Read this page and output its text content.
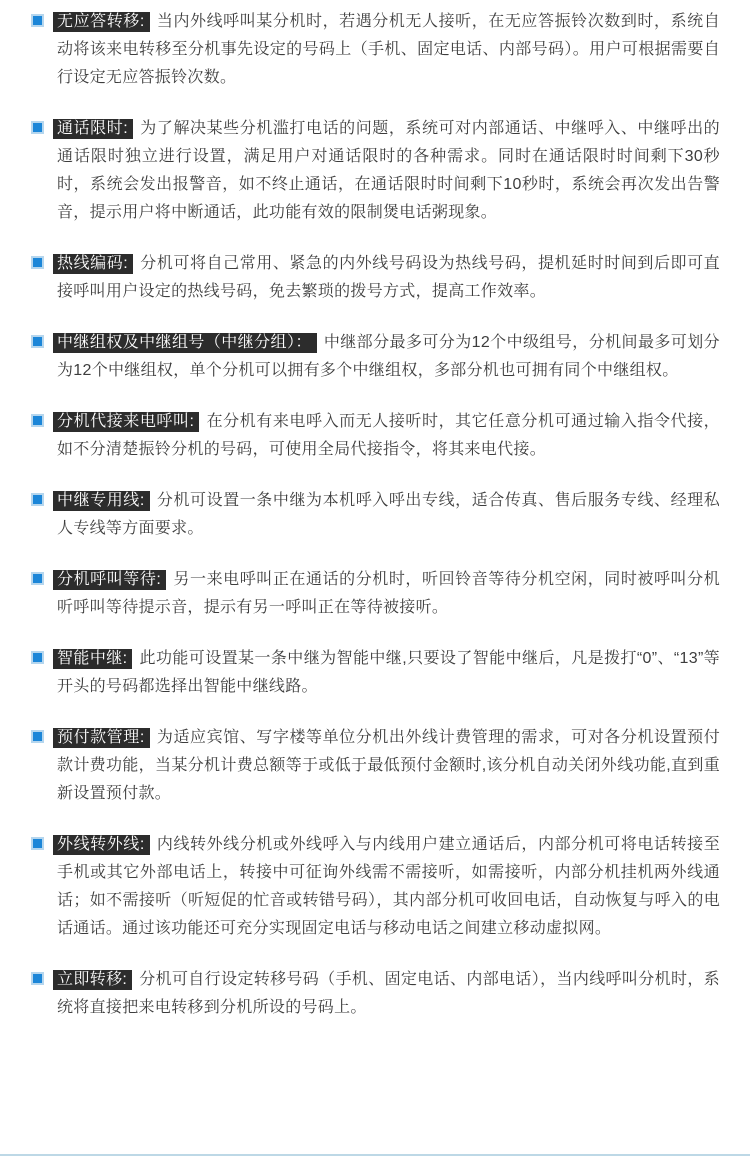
无应答转移: 当内外线呼叫某分机时，若遇分机无人接听，在无应答振铃次数到时，系统自动将该来电转移至分机事先设定的号码上（手机、固定电话、内部号码）。用户可根据需要自行设定无应答振铃次数。
通话限时: 为了解决某些分机滥打电话的问题，系统可对内部通话、中继呼入、中继呼出的通话限时独立进行设置，满足用户对通话限时的各种需求。同时在通话限时时间剩下30秒时，系统会发出报警音，如不终止通话，在通话限时时间剩下10秒时，系统会再次发出告警音，提示用户将中断通话，此功能有效的限制煲电话粥现象。
热线编码: 分机可将自己常用、紧急的内外线号码设为热线号码，提机延时时间到后即可直接呼叫用户设定的热线号码，免去繁琐的拨号方式，提高工作效率。
中继组权及中继组号（中继分组）： 中继部分最多可分为12个中级组号，分机间最多可划分为12个中继组权，单个分机可以拥有多个中继组权，多部分机也可拥有同个中继组权。
分机代接来电呼叫: 在分机有来电呼入而无人接听时，其它任意分机可通过输入指令代接，如不分清楚振铃分机的号码，可使用全局代接指令，将其来电代接。
中继专用线: 分机可设置一条中继为本机呼入呼出专线，适合传真、售后服务专线、经理私人专线等方面要求。
分机呼叫等待: 另一来电呼叫正在通话的分机时，听回铃音等待分机空闲，同时被呼叫分机听呼叫等待提示音，提示有另一呼叫正在等待被接听。
智能中继: 此功能可设置某一条中继为智能中继,只要设了智能中继后，凡是拨打“0”、“13”等开头的号码都选择出智能中继线路。
预付款管理: 为适应宾馆、写字楼等单位分机出外线计费管理的需求，可对各分机设置预付款计费功能，当某分机计费总额等于或低于最低预付金额时,该分机自动关闭外线功能,直到重新设置预付款。
外线转外线: 内线转外线分机或外线呼入与内线用户建立通话后，内部分机可将电话转接至手机或其它外部电话上，转接中可征询外线需不需接听，如需接听，内部分机挂机两外线通话；如不需接听（听短促的忙音或转错号码），其内部分机可收回电话，自动恢复与呼入的电话通话。通过该功能还可充分实现固定电话与移动电话之间建立移动虚拟网。
立即转移: 分机可自行设定转移号码（手机、固定电话、内部电话），当内线呼叫分机时，系统将直接把来电转移到分机所设的号码上。
